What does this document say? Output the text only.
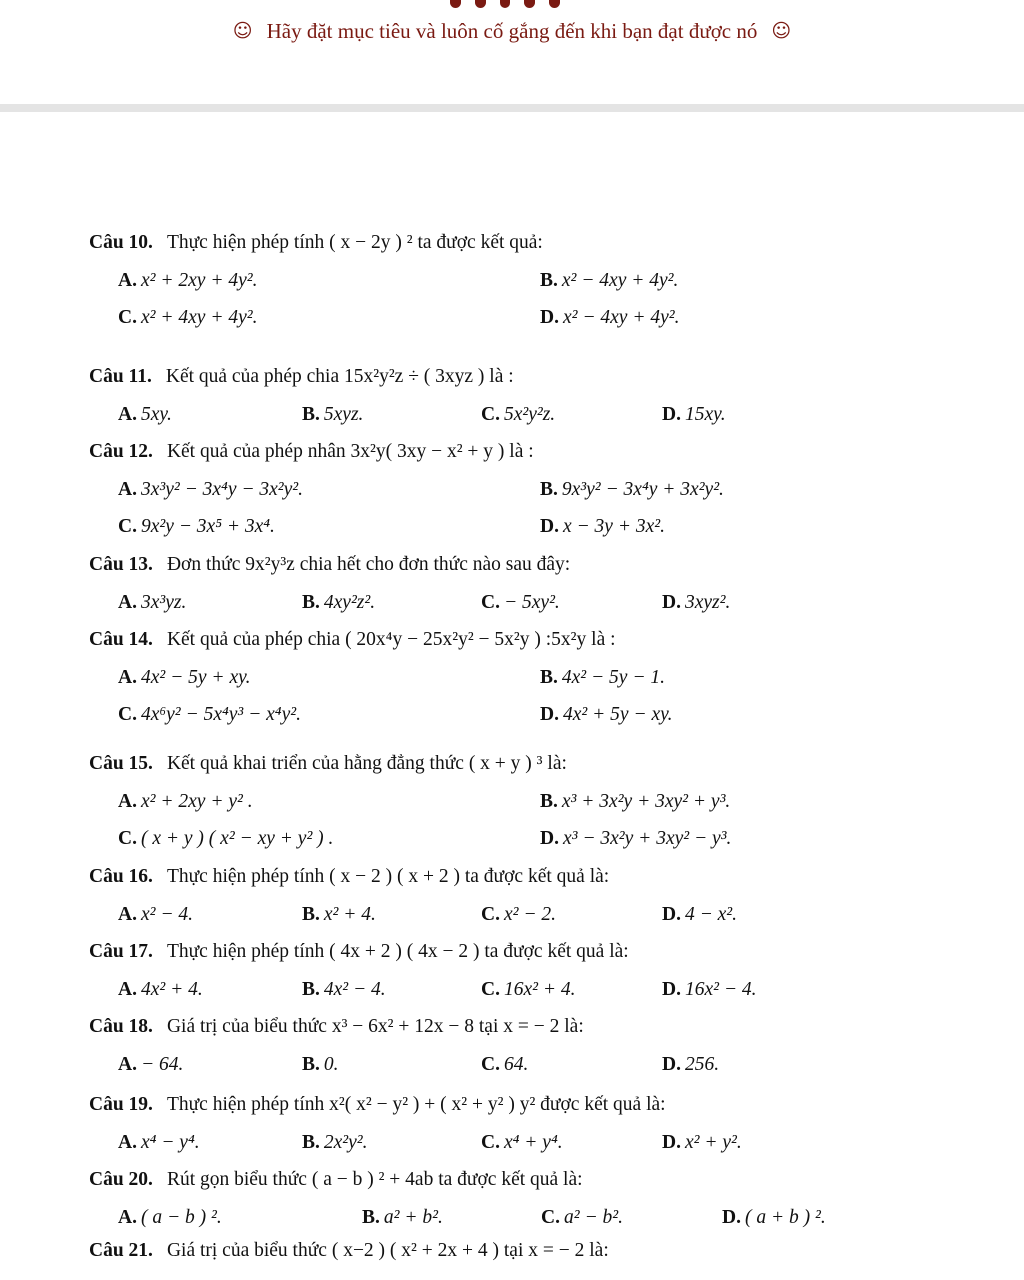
☺ Hãy đặt mục tiêu và luôn cố gắng đến khi bạn đạt được nó ☺
Câu 10. Thực hiện phép tính ( x − 2y ) ² ta được kết quả:
A. x² + 2xy + 4y².	B. x² − 4xy + 4y².
C. x² + 4xy + 4y².	D. x² − 4xy + 4y².
Câu 11. Kết quả của phép chia 15x²y²z ÷ ( 3xyz ) là :
A. 5xy.	B. 5xyz.	C. 5x²y²z.	D. 15xy.
Câu 12. Kết quả của phép nhân 3x²y( 3xy − x² + y ) là :
A. 3x³y² − 3x⁴y − 3x²y².	B. 9x³y² − 3x⁴y + 3x²y².
C. 9x²y − 3x⁵ + 3x⁴.	D. x − 3y + 3x².
Câu 13. Đơn thức 9x²y³z chia hết cho đơn thức nào sau đây:
A. 3x³yz.	B. 4xy²z².	C. − 5xy².	D. 3xyz².
Câu 14. Kết quả của phép chia ( 20x⁴y − 25x²y² − 5x²y ) :5x²y là :
A. 4x² − 5y + xy.	B. 4x² − 5y − 1.
C. 4x⁶y² − 5x⁴y³ − x⁴y².	D. 4x² + 5y − xy.
Câu 15. Kết quả khai triển của hằng đẳng thức ( x + y ) ³ là:
A. x² + 2xy + y² .	B. x³ + 3x²y + 3xy² + y³.
C. ( x + y ) ( x² − xy + y² ) .	D. x³ − 3x²y + 3xy² − y³.
Câu 16. Thực hiện phép tính ( x − 2 ) ( x + 2 ) ta được kết quả là:
A. x² − 4.	B. x² + 4.	C. x² − 2.	D. 4 − x².
Câu 17. Thực hiện phép tính ( 4x + 2 ) ( 4x − 2 ) ta được kết quả là:
A. 4x² + 4.	B. 4x² − 4.	C. 16x² + 4.	D. 16x² − 4.
Câu 18. Giá trị của biểu thức x³ − 6x² + 12x − 8 tại x = − 2 là:
A. − 64.	B. 0.	C. 64.	D. 256.
Câu 19. Thực hiện phép tính x²( x² − y² ) + ( x² + y² ) y² được kết quả là:
A. x⁴ − y⁴.	B. 2x²y².	C. x⁴ + y⁴.	D. x² + y².
Câu 20. Rút gọn biểu thức ( a − b ) ² + 4ab ta được kết quả là:
A. ( a − b ) ².	B. a² + b².	C. a² − b².	D. ( a + b ) ².
Câu 21. Giá trị của biểu thức ( x−2 ) ( x² + 2x + 4 ) tại x = − 2 là:
